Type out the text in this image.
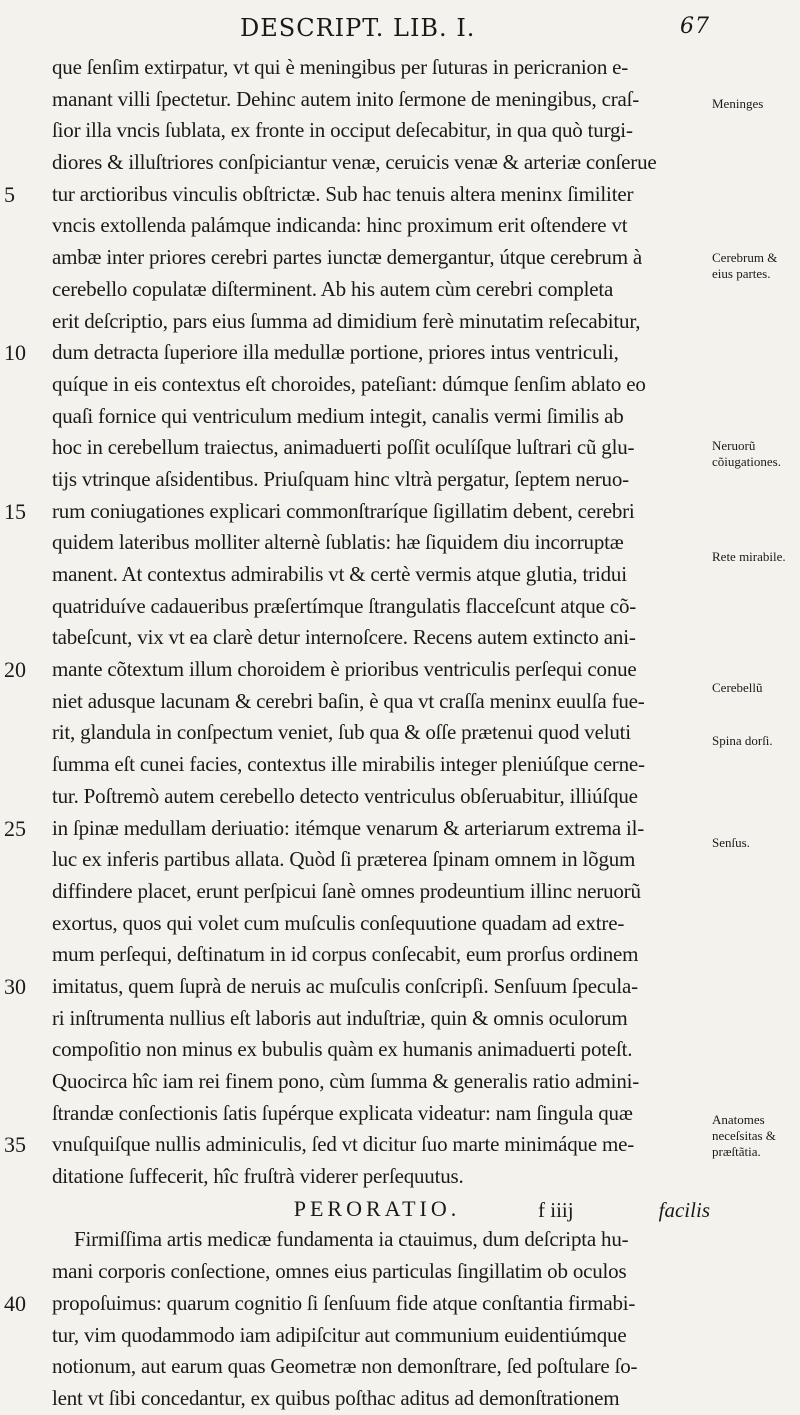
DESCRIPT. LIB. I.	67
que ſenſim extirpatur, vt qui è meningibus per ſuturas in pericranion e-
manant villi ſpectetur. Dehinc autem inito ſermone de meningibus, craſ-
ſior illa vncis ſublata, ex fronte in occiput deſecabitur, in qua quò turgi-
diores & illuſtriores conſpiciantur venæ, ceruicis venæ & arteriæ conſerue
tur arctioribus vinculis obſtrictæ. Sub hac tenuis altera meninx ſimiliter
vncis extollenda palámque indicanda: hinc proximum erit oſtendere vt
ambæ inter priores cerebri partes iunctæ demergantur, útque cerebrum à
cerebello copulatæ diſterminent. Ab his autem cùm cerebri completa
erit deſcriptio, pars eius ſumma ad dimidium ferè minutatim reſecabitur,
dum detracta ſuperiore illa medullæ portione, priores intus ventriculi,
quíque in eis contextus eſt choroides, pateſiant: dúmque ſenſim ablato eo
quaſi fornice qui ventriculum medium integit, canalis vermi ſimilis ab
hoc in cerebellum traiectus, animaduerti poſſit oculíſque luſtrari cũ glu-
tijs vtrinque aſsidentibus. Priuſquam hinc vltrà pergatur, ſeptem neruo-
rum coniugationes explicari commonſtraríque ſigillatim debent, cerebri
quidem lateribus molliter alternè ſublatis: hæ ſiquidem diu incorruptæ
manent. At contextus admirabilis vt & certè vermis atque glutia, tridui
quatriduíve cadaueribus præſertímque ſtrangulatis flacceſcunt atque cõ-
tabeſcunt, vix vt ea clarè detur internoſcere. Recens autem extincto ani-
mante cõtextum illum choroidem è prioribus ventriculis perſequi conue
niet adusque lacunam & cerebri baſin, è qua vt craſſa meninx euulſa fue-
rit, glandula in conſpectum veniet, ſub qua & oſſe prætenui quod veluti
ſumma eſt cunei facies, contextus ille mirabilis integer pleniúſque cerne-
tur. Poſtremò autem cerebello detecto ventriculus obſeruabitur, illiúſque
in ſpinæ medullam deriuatio: itémque venarum & arteriarum extrema il-
luc ex inferis partibus allata. Quòd ſi præterea ſpinam omnem in lõgum
diffindere placet, erunt perſpicui ſanè omnes prodeuntium illinc neruorũ
exortus, quos qui volet cum muſculis conſequutione quadam ad extre-
mum perſequi, deſtinatum in id corpus conſecabit, eum prorſus ordinem
imitatus, quem ſuprà de neruis ac muſculis conſcripſi. Senſuum ſpecula-
ri inſtrumenta nullius eſt laboris aut induſtriæ, quin & omnis oculorum
compoſitio non minus ex bubulis quàm ex humanis animaduerti poteſt.
Quocirca hîc iam rei finem pono, cùm ſumma & generalis ratio admini-
ſtrandæ conſectionis ſatis ſupérque explicata videatur: nam ſingula quæ
vnuſquiſque nullis adminiculis, ſed vt dicitur ſuo marte minimáque me-
ditatione ſuffecerit, hîc fruſtrà viderer perſequutus.
PERORATIO.
Firmiſſima artis medicæ fundamenta ia ctauimus, dum deſcripta hu-
mani corporis conſectione, omnes eius particulas ſingillatim ob oculos
propoſuimus: quarum cognitio ſi ſenſuum fide atque conſtantia firmabi-
tur, vim quodammodo iam adipiſcitur aut communium euidentiúmque
notionum, aut earum quas Geometræ non demonſtrare, ſed poſtulare ſo-
lent vt ſibi concedantur, ex quibus poſthac aditus ad demonſtrationem
5
10
15
20
25
30
35
40
Meninges
Cerebrum & eius partes.
Neruorũ cõiugationes.
Rete mirabile.
Cerebellũ
Spina dorſi.
Senſus.
Anatomes neceſsitas & præſtãtia.
f iiij	facilis
